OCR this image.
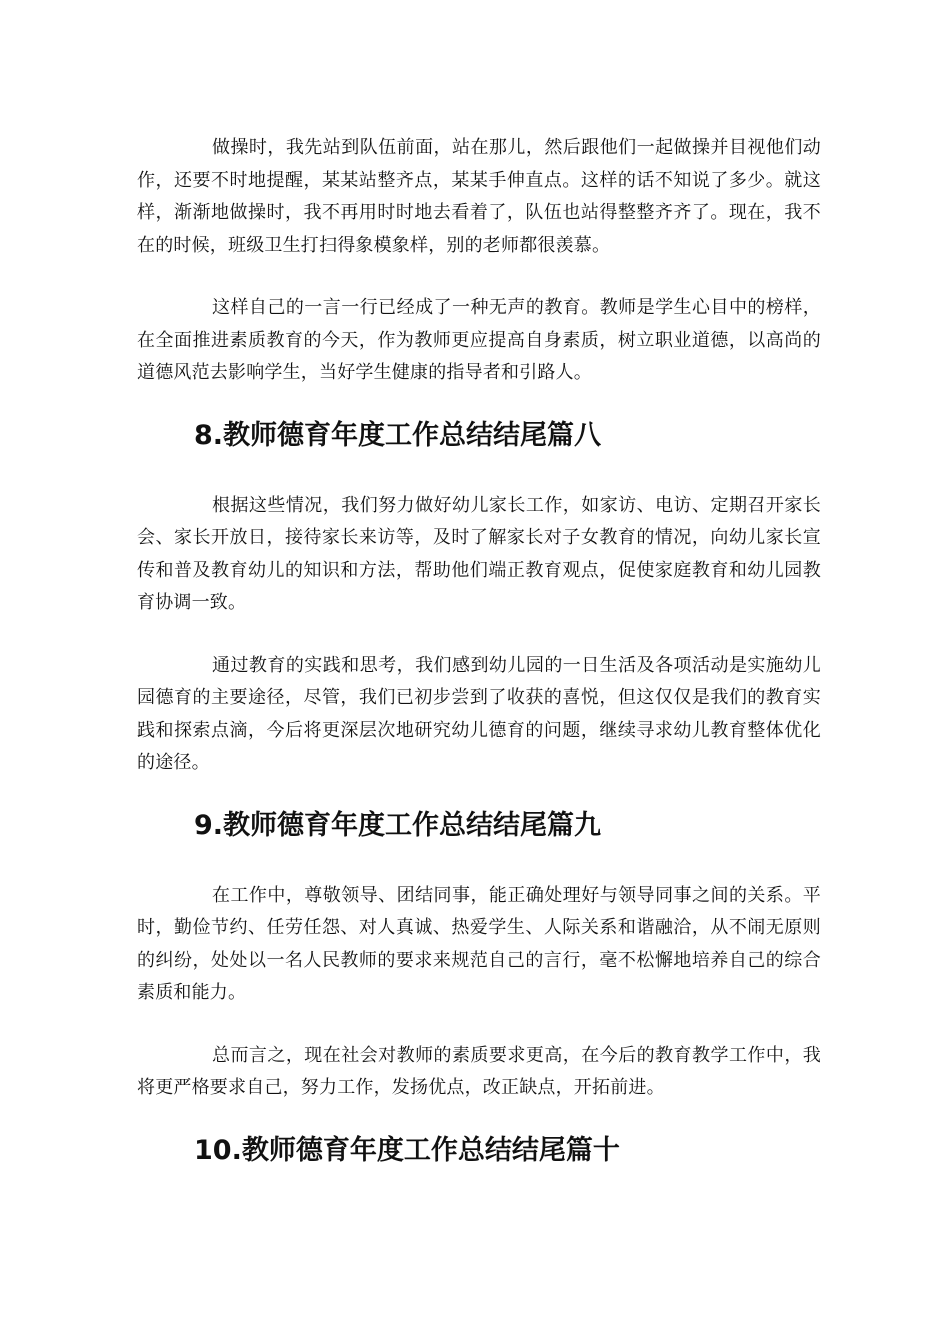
做操时，我先站到队伍前面，站在那儿，然后跟他们一起做操并目视他们动作，还要不时地提醒，某某站整齐点，某某手伸直点。这样的话不知说了多少。就这样，渐渐地做操时，我不再用时时地去看着了，队伍也站得整整齐齐了。现在，我不在的时候，班级卫生打扫得象模象样，别的老师都很羡慕。

这样自己的一言一行已经成了一种无声的教育。教师是学生心目中的榜样，在全面推进素质教育的今天，作为教师更应提高自身素质，树立职业道德，以高尚的道德风范去影响学生，当好学生健康的指导者和引路人。

8.教师德育年度工作总结结尾篇八

根据这些情况，我们努力做好幼儿家长工作，如家访、电访、定期召开家长会、家长开放日，接待家长来访等，及时了解家长对子女教育的情况，向幼儿家长宣传和普及教育幼儿的知识和方法，帮助他们端正教育观点，促使家庭教育和幼儿园教育协调一致。

通过教育的实践和思考，我们感到幼儿园的一日生活及各项活动是实施幼儿园德育的主要途径，尽管，我们已初步尝到了收获的喜悦，但这仅仅是我们的教育实践和探索点滴，今后将更深层次地研究幼儿德育的问题，继续寻求幼儿教育整体优化的途径。

9.教师德育年度工作总结结尾篇九

在工作中，尊敬领导、团结同事，能正确处理好与领导同事之间的关系。平时，勤俭节约、任劳任怨、对人真诚、热爱学生、人际关系和谐融洽，从不闹无原则的纠纷，处处以一名人民教师的要求来规范自己的言行，毫不松懈地培养自己的综合素质和能力。

总而言之，现在社会对教师的素质要求更高，在今后的教育教学工作中，我将更严格要求自己，努力工作，发扬优点，改正缺点，开拓前进。

10.教师德育年度工作总结结尾篇十
